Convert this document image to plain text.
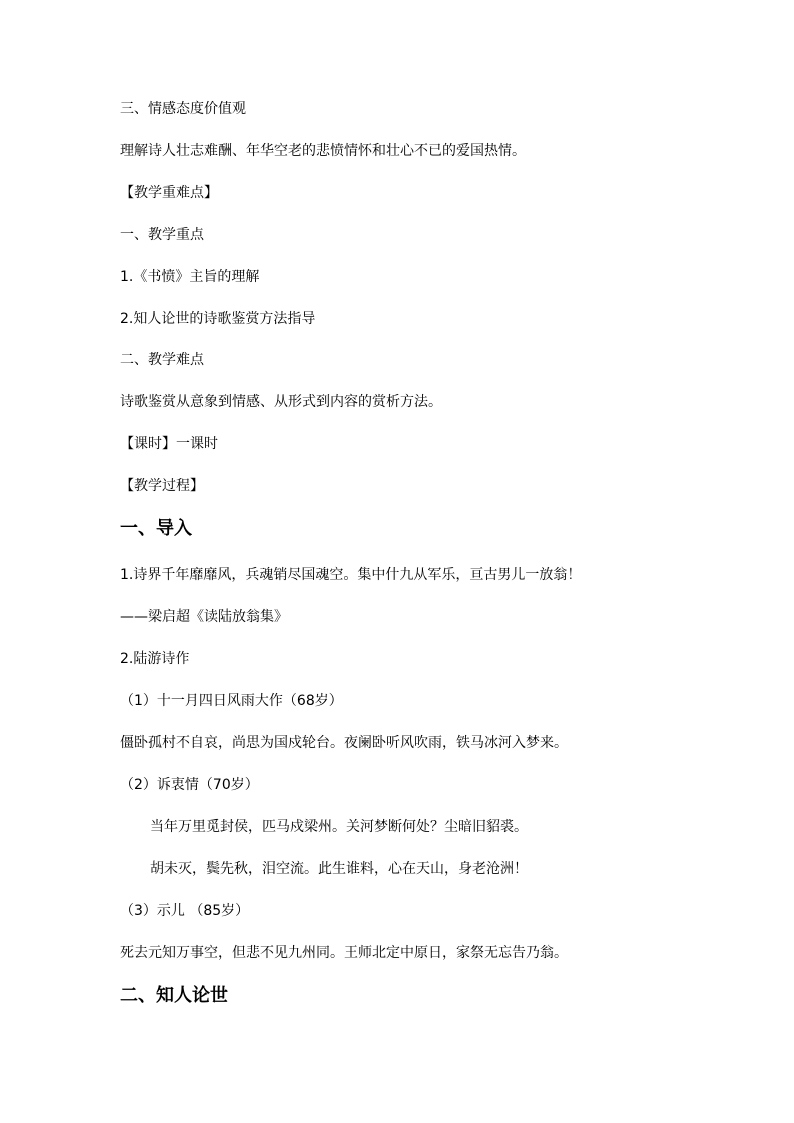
三、情感态度价值观
理解诗人壮志难酬、年华空老的悲愤情怀和壮心不已的爱国热情。
【教学重难点】
一、教学重点
1.《书愤》主旨的理解
2.知人论世的诗歌鉴赏方法指导
二、教学难点
诗歌鉴赏从意象到情感、从形式到内容的赏析方法。
【课时】一课时
【教学过程】
一、导入
1.诗界千年靡靡风，兵魂销尽国魂空。集中什九从军乐，亘古男儿一放翁！
——梁启超《读陆放翁集》
2.陆游诗作
（1）十一月四日风雨大作（68岁）
僵卧孤村不自哀，尚思为国戍轮台。夜阑卧听风吹雨，铁马冰河入梦来。
（2）诉衷情（70岁）
当年万里觅封侯，匹马戍梁州。关河梦断何处？尘暗旧貂裘。
胡未灭，鬓先秋，泪空流。此生谁料，心在天山，身老沧洲！
（3）示儿 （85岁）
死去元知万事空，但悲不见九州同。王师北定中原日，家祭无忘告乃翁。
二、知人论世
